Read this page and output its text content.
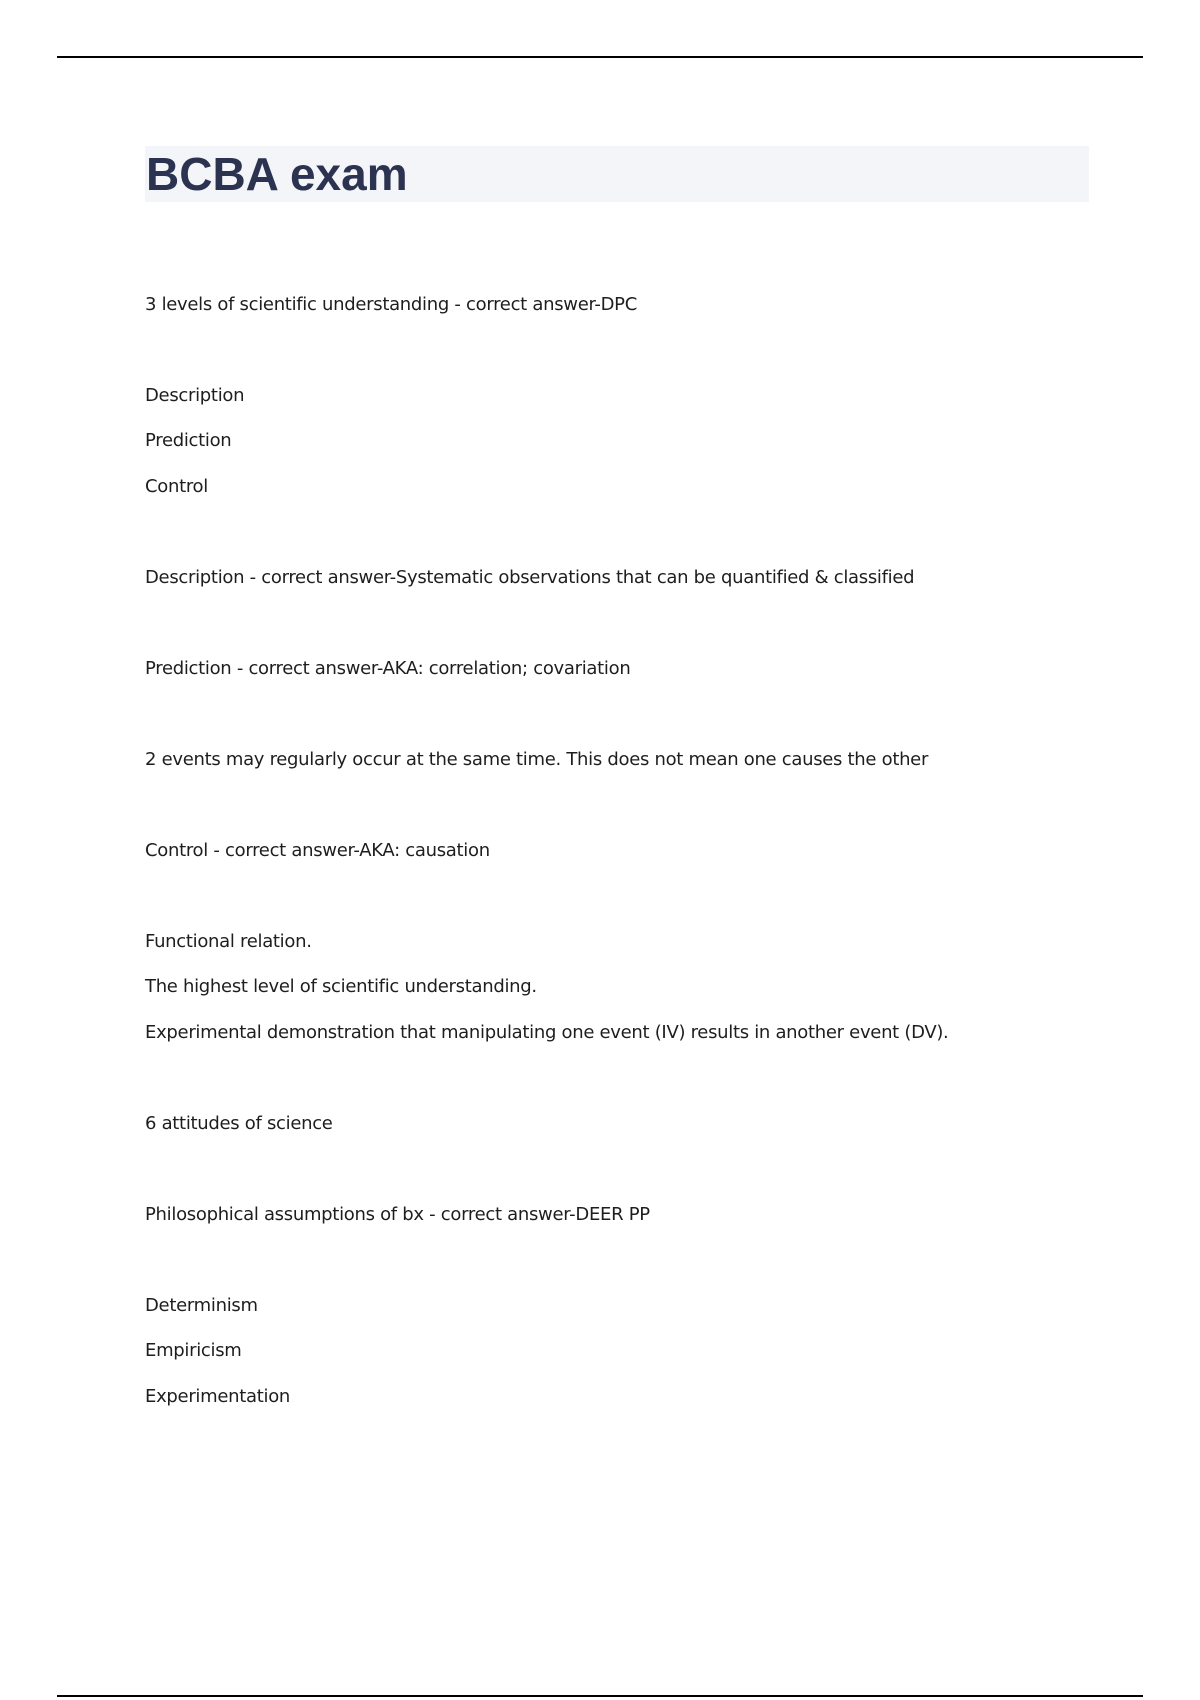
BCBA exam

3 levels of scientific understanding - correct answer-DPC

Description

Prediction

Control

Description - correct answer-Systematic observations that can be quantified & classified

Prediction - correct answer-AKA: correlation; covariation

2 events may regularly occur at the same time. This does not mean one causes the other

Control - correct answer-AKA: causation

Functional relation.

The highest level of scientific understanding.

Experimental demonstration that manipulating one event (IV) results in another event (DV).

6 attitudes of science

Philosophical assumptions of bx - correct answer-DEER PP

Determinism

Empiricism

Experimentation
